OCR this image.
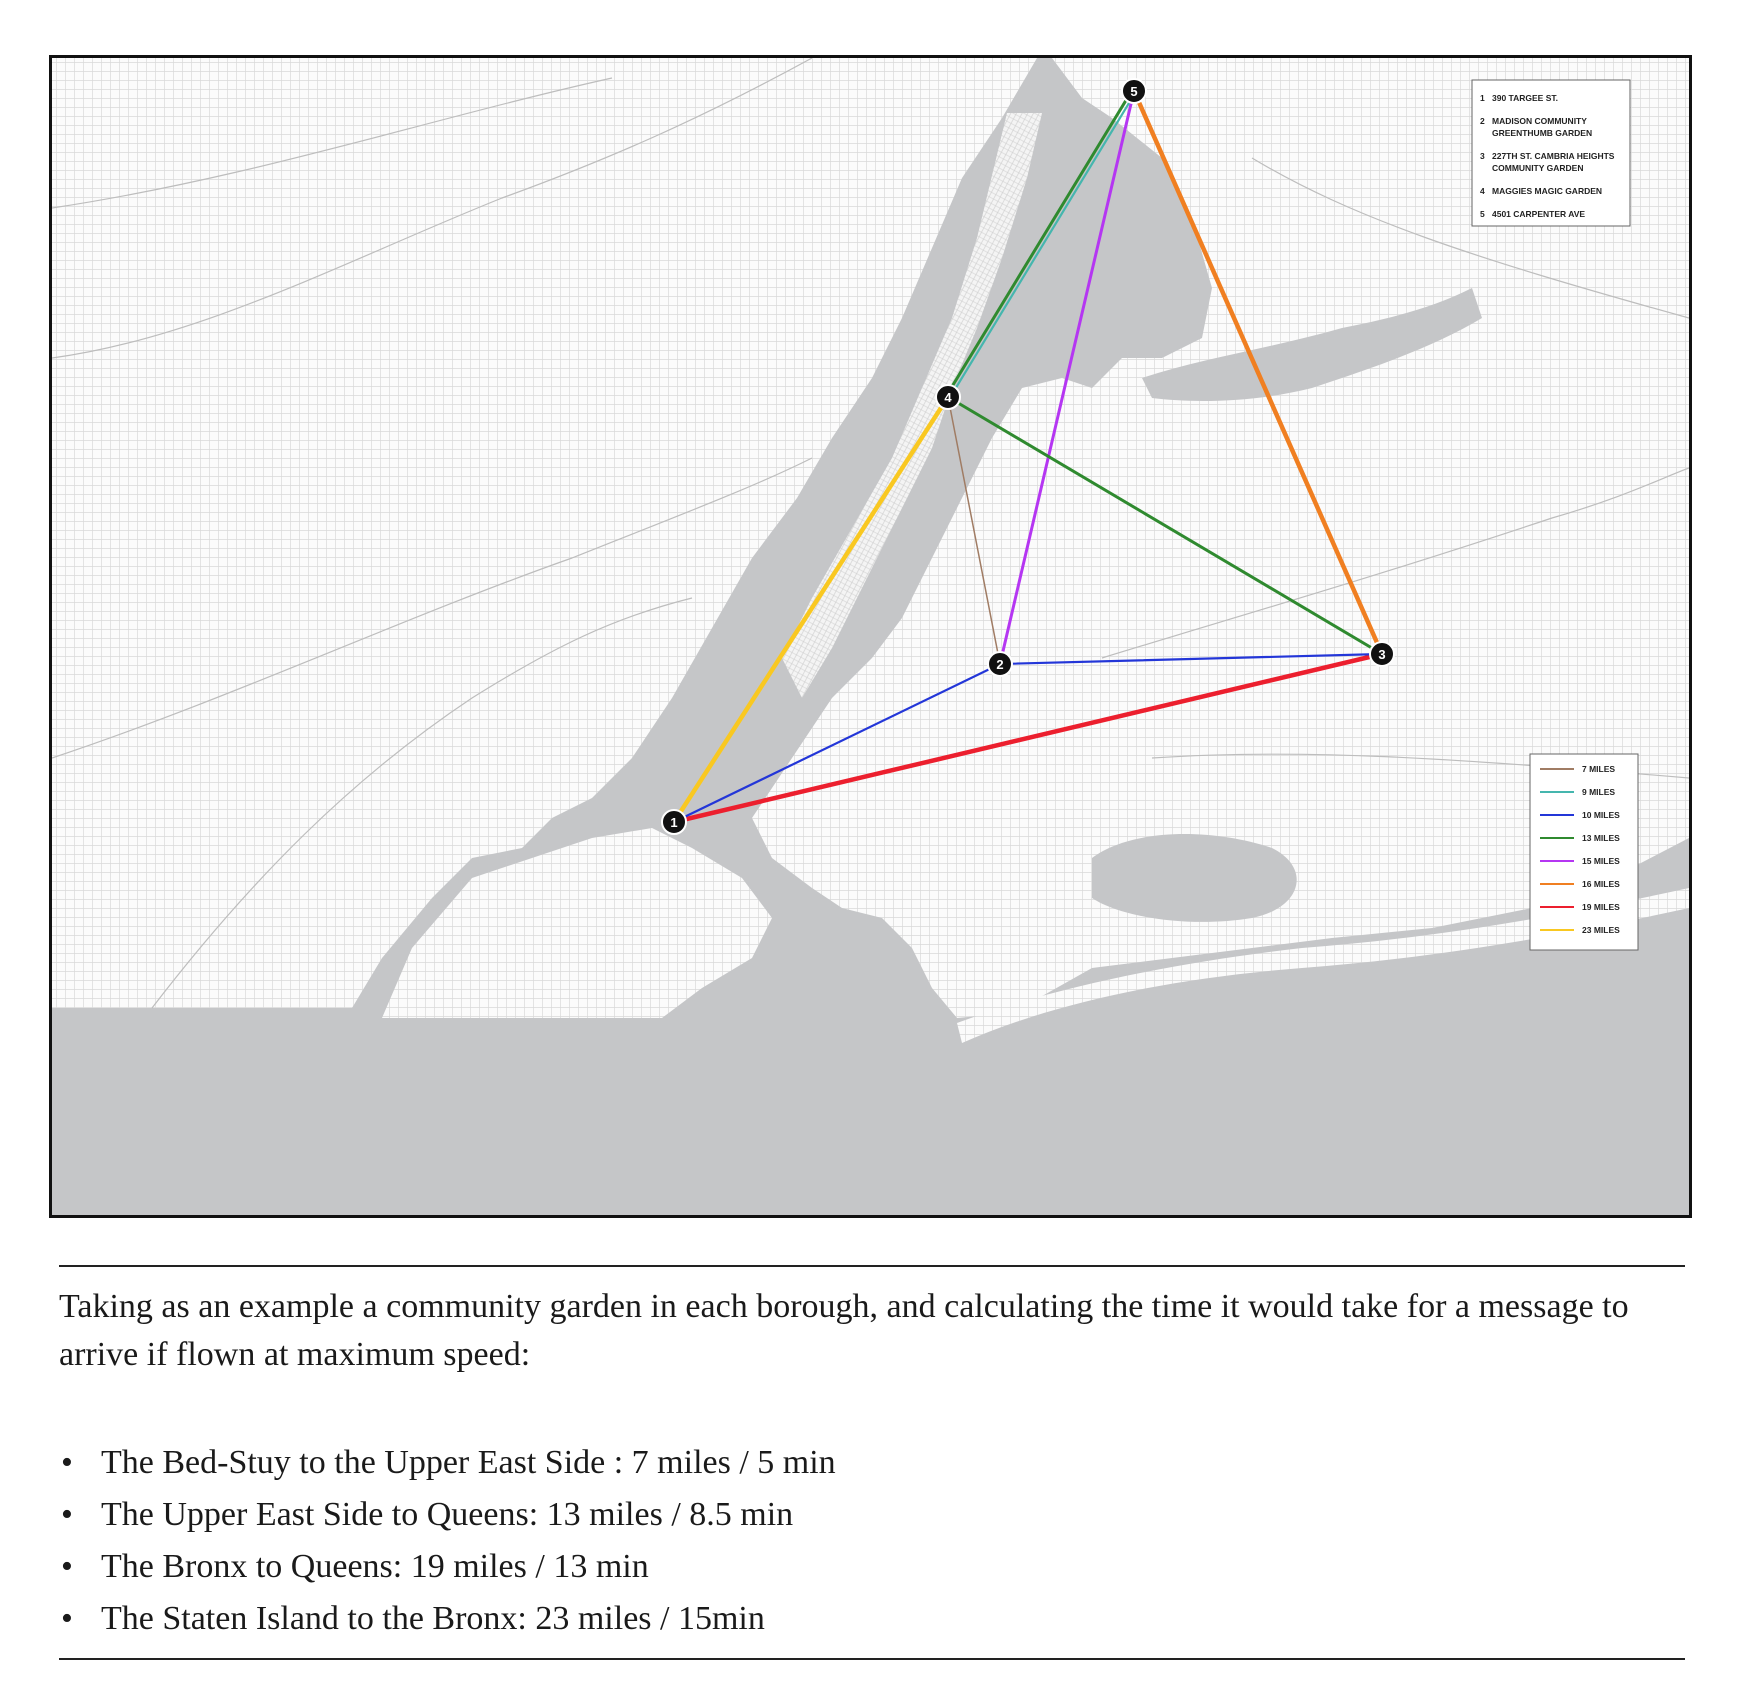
1
2
3
4
5	1 390 TARGEE ST.
2 MADISON COMMUNITY
GREENTHUMB GARDEN
3 227TH ST. CAMBRIA HEIGHTS
COMMUNITY GARDEN
4 MAGGIES MAGIC GARDEN
5 4501 CARPENTER AVE
7 MILES
9 MILES
10 MILES
13 MILES
15 MILES
16 MILES
19 MILES
23 MILES

Taking as an example a community garden in each borough, and calculating the time it would take for a message to arrive if flown at maximum speed:

• The Bed-Stuy to the Upper East Side : 7 miles / 5 min
• The Upper East Side to Queens: 13 miles / 8.5 min
• The Bronx to Queens: 19 miles / 13 min
• The Staten Island to the Bronx: 23 miles / 15min
